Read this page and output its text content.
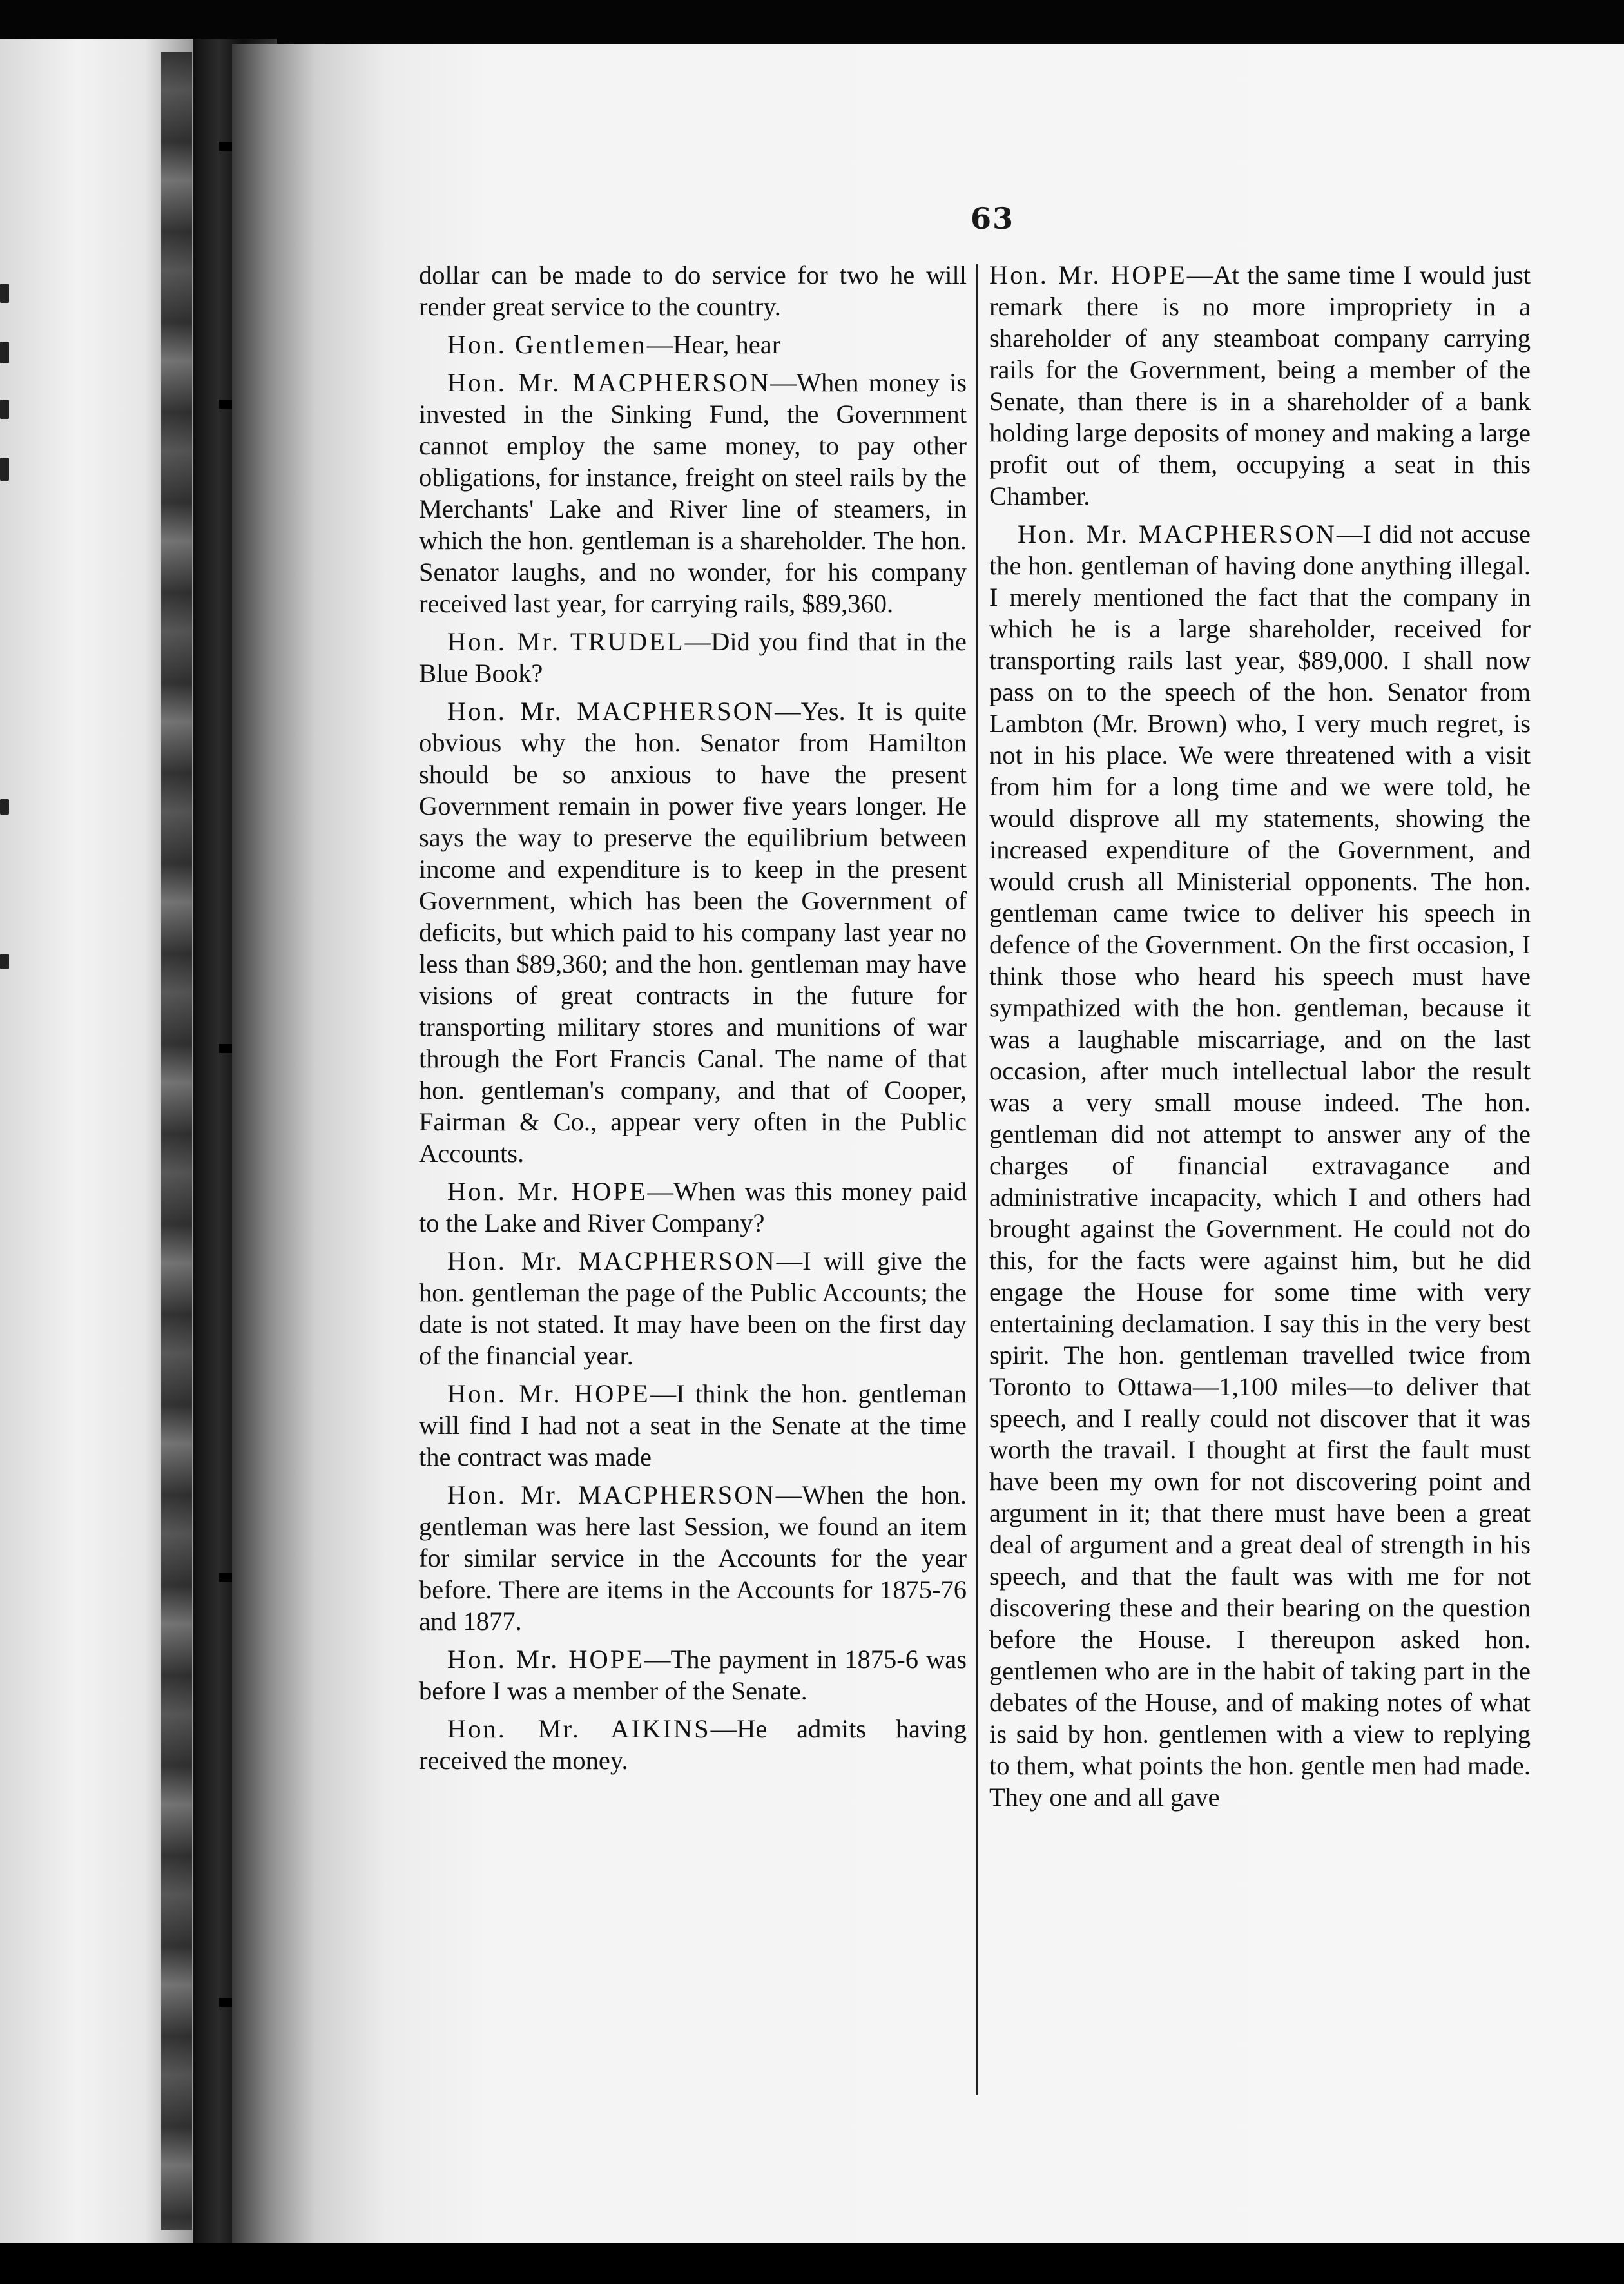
63

dollar can be made to do service for two he will render great service to the country.

Hon. Gentlemen—Hear, hear

Hon. Mr. MACPHERSON—When money is invested in the Sinking Fund, the Government cannot employ the same money, to pay other obligations, for instance, freight on steel rails by the Merchants' Lake and River line of steamers, in which the hon. gentleman is a shareholder. The hon. Senator laughs, and no wonder, for his company received last year, for carrying rails, $89,360.

Hon. Mr. TRUDEL—Did you find that in the Blue Book?

Hon. Mr. MACPHERSON—Yes. It is quite obvious why the hon. Senator from Hamilton should be so anxious to have the present Government remain in power five years longer. He says the way to preserve the equilibrium between income and expenditure is to keep in the present Government, which has been the Government of deficits, but which paid to his company last year no less than $89,360; and the hon. gentleman may have visions of great contracts in the future for transporting military stores and munitions of war through the Fort Francis Canal. The name of that hon. gentleman's company, and that of Cooper, Fairman & Co., appear very often in the Public Accounts.

Hon. Mr. HOPE—When was this money paid to the Lake and River Company?

Hon. Mr. MACPHERSON—I will give the hon. gentleman the page of the Public Accounts; the date is not stated. It may have been on the first day of the financial year.

Hon. Mr. HOPE—I think the hon. gentleman will find I had not a seat in the Senate at the time the contract was made

Hon. Mr. MACPHERSON—When the hon. gentleman was here last Session, we found an item for similar service in the Accounts for the year before. There are items in the Accounts for 1875-76 and 1877.

Hon. Mr. HOPE—The payment in 1875-6 was before I was a member of the Senate.

Hon. Mr. AIKINS—He admits having received the money.

Hon. Mr. HOPE—At the same time I would just remark there is no more impropriety in a shareholder of any steamboat company carrying rails for the Government, being a member of the Senate, than there is in a shareholder of a bank holding large deposits of money and making a large profit out of them, occupying a seat in this Chamber.

Hon. Mr. MACPHERSON—I did not accuse the hon. gentleman of having done anything illegal. I merely mentioned the fact that the company in which he is a large shareholder, received for transporting rails last year, $89,000. I shall now pass on to the speech of the hon. Senator from Lambton (Mr. Brown) who, I very much regret, is not in his place. We were threatened with a visit from him for a long time and we were told, he would disprove all my statements, showing the increased expenditure of the Government, and would crush all Ministerial opponents. The hon. gentleman came twice to deliver his speech in defence of the Government. On the first occasion, I think those who heard his speech must have sympathized with the hon. gentleman, because it was a laughable miscarriage, and on the last occasion, after much intellectual labor the result was a very small mouse indeed. The hon. gentleman did not attempt to answer any of the charges of financial extravagance and administrative incapacity, which I and others had brought against the Government. He could not do this, for the facts were against him, but he did engage the House for some time with very entertaining declamation. I say this in the very best spirit. The hon. gentleman travelled twice from Toronto to Ottawa—1,100 miles—to deliver that speech, and I really could not discover that it was worth the travail. I thought at first the fault must have been my own for not discovering point and argument in it; that there must have been a great deal of argument and a great deal of strength in his speech, and that the fault was with me for not discovering these and their bearing on the question before the House. I thereupon asked hon. gentlemen who are in the habit of taking part in the debates of the House, and of making notes of what is said by hon. gentlemen with a view to replying to them, what points the hon. gentle men had made. They one and all gave
